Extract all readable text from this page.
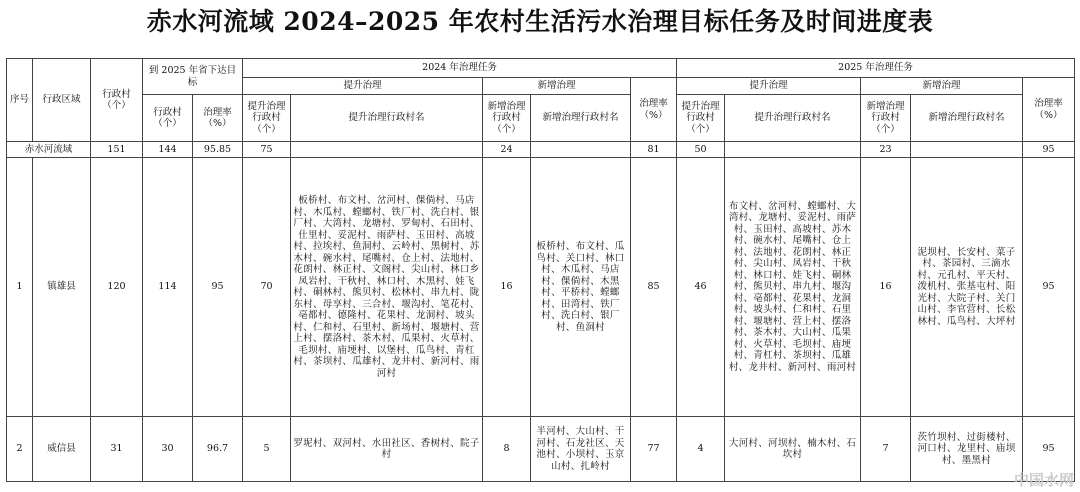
赤水河流域 2024–2025 年农村生活污水治理目标任务及时间进度表
序号	行政区域	行政村（个）	到 2025 年省下达目标		2024 年治理任务					2025 年治理任务				
					提升治理		新增治理		治理率（%）	提升治理		新增治理		治理率（%）
			行政村（个）	治理率（%）	提升治理行政村（个）	提升治理行政村名	新增治理行政村（个）	新增治理行政村名		提升治理行政村（个）	提升治理行政村名	新增治理行政村（个）	新增治理行政村名	
赤水河流域		151	144	95.85	75		24		81	50		23		95
1	镇雄县	120	114	95	70	板桥村、布文村、岔河村、倮倘村、马店村、木瓜村、螳螂村、铁厂村、洗白村、银厂村、大湾村、龙塘村、罗甸村、石田村、仕里村、妥泥村、雨萨村、玉田村、高坡村、拉埃村、鱼洞村、云岭村、黑树村、苏木村、碗水村、尾嘴村、仓上村、法地村、花朗村、林正村、文阁村、尖山村、林口乡凤岩村、干秋村、林口村、木黑村、娃飞村、硐林村、熊贝村、松林村、串九村、陇东村、母享村、三合村、堰沟村、笔花村、亳都村、德隆村、花果村、龙洞村、坡头村、仁和村、石里村、新场村、堰塘村、营上村、摆洛村、茶木村、瓜果村、火草村、毛坝村、庙埂村、以堡村、瓜鸟村、青杠村、茶坝村、瓜雄村、龙井村、新河村、雨河村	16	板桥村、布文村、瓜鸟村、关口村、林口村、木瓜村、马店村、倮倘村、木黑村、平桥村、螳螂村、田湾村、铁厂村、洗白村、银厂村、鱼洞村	85	46	布文村、岔河村、螳螂村、大湾村、龙塘村、妥泥村、雨萨村、玉田村、高坡村、苏木村、碗水村、尾嘴村、仓上村、法地村、花朗村、林正村、尖山村、凤岩村、干秋村、林口村、娃飞村、硐林村、熊贝村、串九村、堰沟村、亳都村、花果村、龙洞村、坡头村、仁和村、石里村、堰塘村、营上村、摆洛村、茶木村、大山村、瓜果村、火草村、毛坝村、庙埂村、青杠村、茶坝村、瓜雄村、龙井村、新河村、雨河村	16	泥坝村、长安村、菜子村、茶园村、三滴水村、元孔村、平天村、泼机村、张基屯村、阳光村、大院子村、关门山村、李官营村、长松林村、瓜鸟村、大坪村	95
2	威信县	31	30	96.7	5	罗坭村、双河村、水田社区、香树村、院子村	8	半河村、大山村、干河村、石龙社区、天池村、小坝村、玉京山村、扎岭村	77	4	大河村、河坝村、楠木村、石坎村	7	茨竹坝村、过街楼村、河口村、龙里村、庙坝村、墨黑村	95
中国水网
